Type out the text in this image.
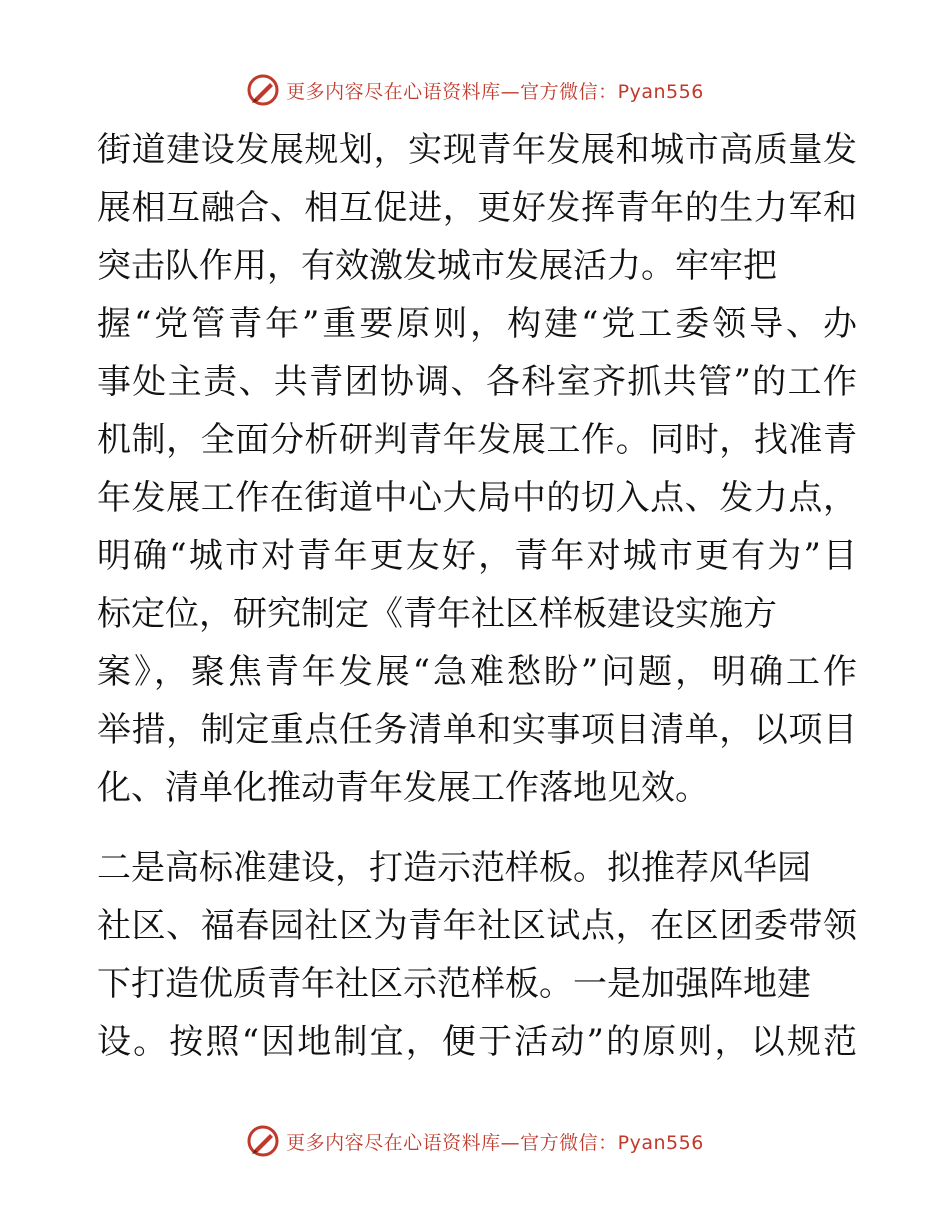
更多内容尽在心语资料库—官方微信：Pyan556
街道建设发展规划，实现青年发展和城市高质量发
展相互融合、相互促进，更好发挥青年的生力军和
突击队作用，有效激发城市发展活力。牢牢把
握“党管青年”重要原则，构建“党工委领导、办
事处主责、共青团协调、各科室齐抓共管”的工作
机制，全面分析研判青年发展工作。同时，找准青
年发展工作在街道中心大局中的切入点、发力点，
明确“城市对青年更友好，青年对城市更有为”目
标定位，研究制定《青年社区样板建设实施方
案》，聚焦青年发展“急难愁盼”问题，明确工作
举措，制定重点任务清单和实事项目清单，以项目
化、清单化推动青年发展工作落地见效。
二是高标准建设，打造示范样板。拟推荐风华园
社区、福春园社区为青年社区试点，在区团委带领
下打造优质青年社区示范样板。一是加强阵地建
设。按照“因地制宜，便于活动”的原则，以规范
更多内容尽在心语资料库—官方微信：Pyan556
